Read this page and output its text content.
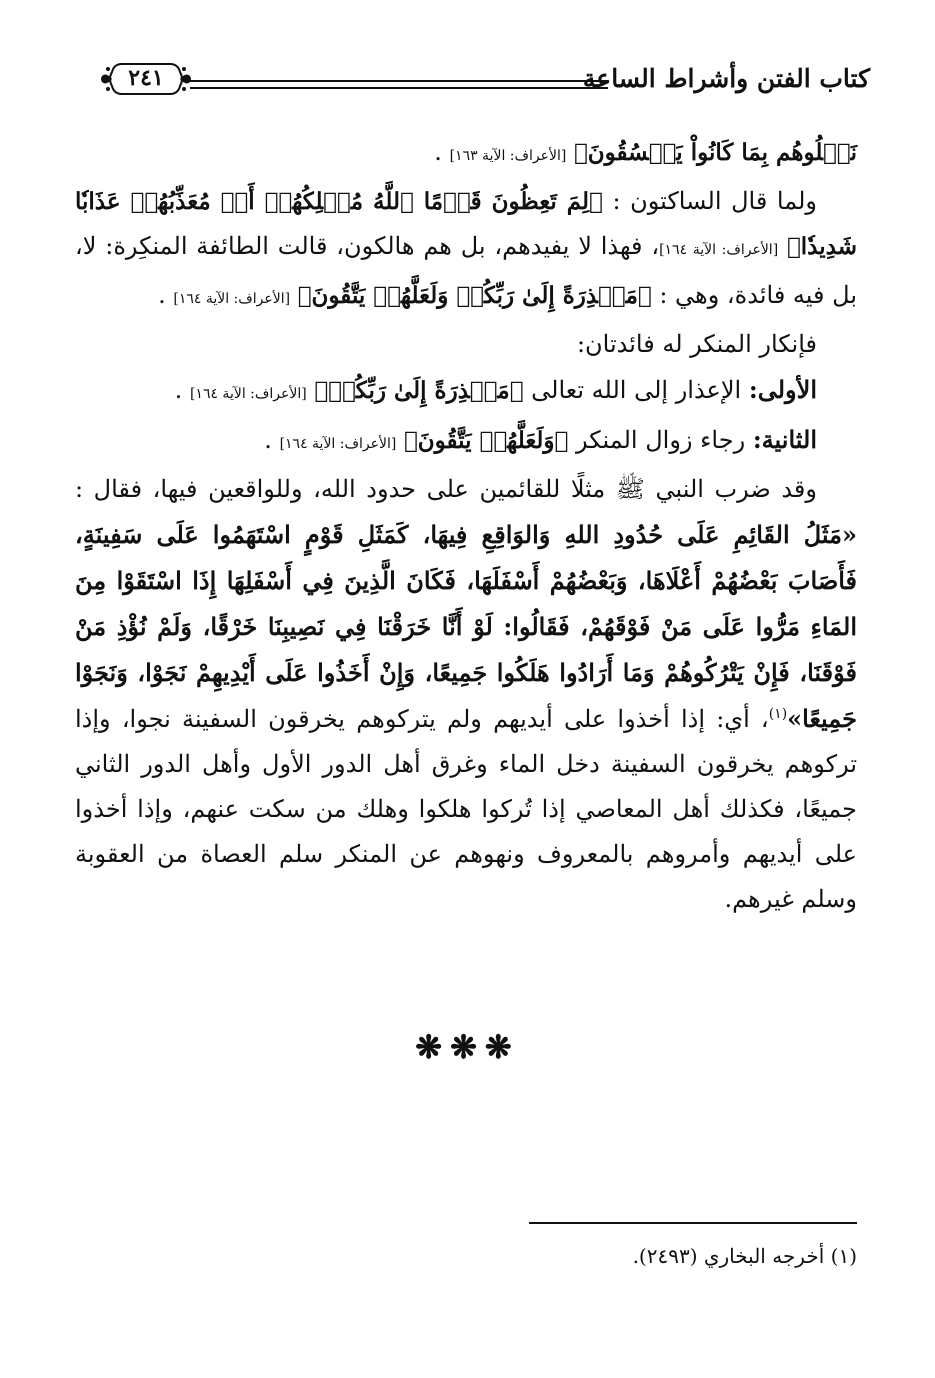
كتاب الفتن وأشراط الساعة
٢٤١

نَبۡلُوهُم بِمَا كَانُواْ يَفۡسُقُونَ﴾ [الأعراف: الآية ١٦٣] .

ولما قال الساكتون : ﴿لِمَ تَعِظُونَ قَوۡمًا ٱللَّهُ مُهۡلِكُهُمۡ أَوۡ مُعَذِّبُهُمۡ عَذَابٗا شَدِيدٗا﴾ [الأعراف: الآية ١٦٤]، فهذا لا يفيدهم، بل هم هالكون، قالت الطائفة المنكِرة: لا، بل فيه فائدة، وهي : ﴿مَعۡذِرَةً إِلَىٰ رَبِّكُمۡ وَلَعَلَّهُمۡ يَتَّقُونَ﴾ [الأعراف: الآية ١٦٤] .

فإنكار المنكر له فائدتان:

الأولى: الإعذار إلى الله تعالى ﴿مَعۡذِرَةً إِلَىٰ رَبِّكُمۡ﴾ [الأعراف: الآية ١٦٤] .

الثانية: رجاء زوال المنكر ﴿وَلَعَلَّهُمۡ يَتَّقُونَ﴾ [الأعراف: الآية ١٦٤] .

وقد ضرب النبي ﷺ مثلًا للقائمين على حدود الله، وللواقعين فيها، فقال : «مَثَلُ القَائِمِ عَلَى حُدُودِ اللهِ وَالوَاقِعِ فِيهَا، كَمَثَلِ قَوْمٍ اسْتَهَمُوا عَلَى سَفِينَةٍ، فَأَصَابَ بَعْضُهُمْ أَعْلَاهَا، وَبَعْضُهُمْ أَسْفَلَهَا، فَكَانَ الَّذِينَ فِي أَسْفَلِهَا إِذَا اسْتَقَوْا مِنَ المَاءِ مَرُّوا عَلَى مَنْ فَوْقَهُمْ، فَقَالُوا: لَوْ أَنَّا خَرَقْنَا فِي نَصِيبِنَا خَرْقًا، وَلَمْ نُؤْذِ مَنْ فَوْقَنَا، فَإِنْ يَتْرُكُوهُمْ وَمَا أَرَادُوا هَلَكُوا جَمِيعًا، وَإِنْ أَخَذُوا عَلَى أَيْدِيهِمْ نَجَوْا، وَنَجَوْا جَمِيعًا»$^{(١)}$، أي: إذا أخذوا على أيديهم ولم يتركوهم يخرقون السفينة نجوا، وإذا تركوهم يخرقون السفينة دخل الماء وغرق أهل الدور الأول وأهل الدور الثاني جميعًا، فكذلك أهل المعاصي إذا تُركوا هلكوا وهلك من سكت عنهم، وإذا أخذوا على أيديهم وأمروهم بالمعروف ونهوهم عن المنكر سلم العصاة من العقوبة وسلم غيرهم.

❋❋❋
(١) أخرجه البخاري (٢٤٩٣).
